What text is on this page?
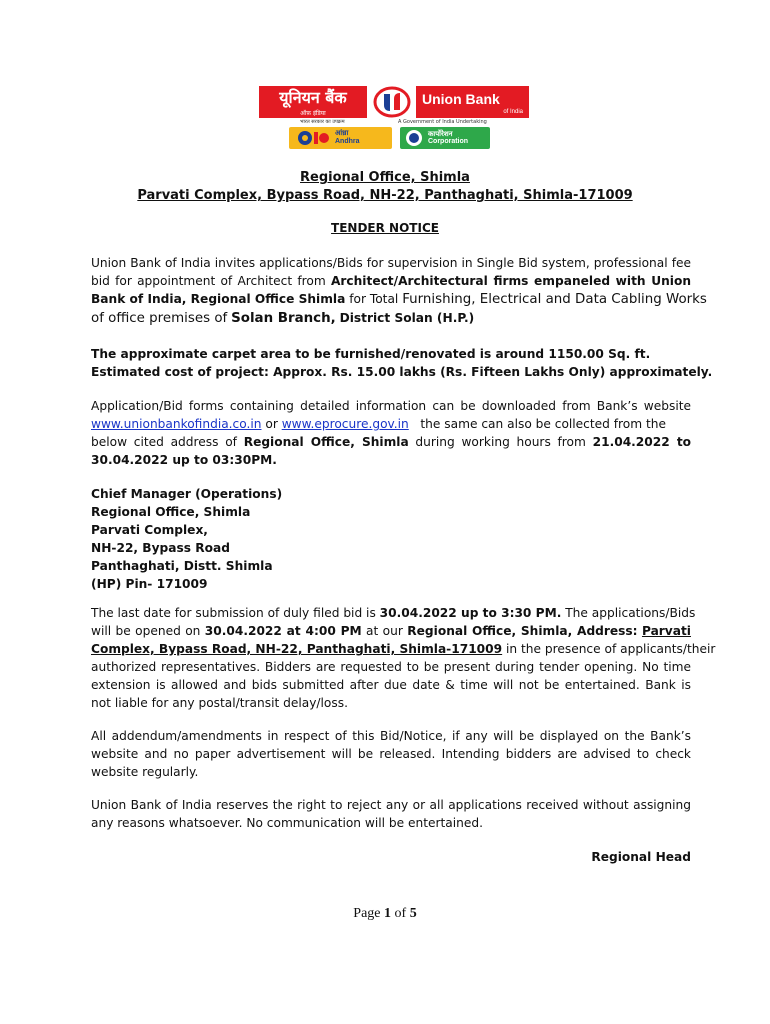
यूनियन बैंक
ऑफ़ इंडिया
Union Bank
of India
भारत सरकार का उपक्रम	A Government of India Undertaking
आंध्रा
Andhra
कार्पोरेशन
Corporation
Regional Office, Shimla
Parvati Complex, Bypass Road, NH-22, Panthaghati, Shimla-171009
TENDER NOTICE
Union Bank of India invites applications/Bids for supervision in Single Bid system, professional fee
bid for appointment of Architect from Architect/Architectural firms empaneled with Union
Bank of India, Regional Office Shimla for Total Furnishing, Electrical and Data Cabling Works
of office premises of Solan Branch, District Solan (H.P.)
The approximate carpet area to be furnished/renovated is around 1150.00 Sq. ft.
Estimated cost of project: Approx. Rs. 15.00 lakhs (Rs. Fifteen Lakhs Only) approximately.
Application/Bid forms containing detailed information can be downloaded from Bank’s website
www.unionbankofindia.co.in or www.eprocure.gov.in the same can also be collected from the
below cited address of Regional Office, Shimla during working hours from 21.04.2022 to
30.04.2022 up to 03:30PM.
Chief Manager (Operations)
Regional Office, Shimla
Parvati Complex,
NH-22, Bypass Road
Panthaghati, Distt. Shimla
(HP) Pin- 171009
The last date for submission of duly filed bid is 30.04.2022 up to 3:30 PM. The applications/Bids
will be opened on 30.04.2022 at 4:00 PM at our Regional Office, Shimla, Address: Parvati
Complex, Bypass Road, NH-22, Panthaghati, Shimla-171009 in the presence of applicants/their
authorized representatives. Bidders are requested to be present during tender opening. No time
extension is allowed and bids submitted after due date & time will not be entertained. Bank is
not liable for any postal/transit delay/loss.
All addendum/amendments in respect of this Bid/Notice, if any will be displayed on the Bank’s
website and no paper advertisement will be released. Intending bidders are advised to check
website regularly.
Union Bank of India reserves the right to reject any or all applications received without assigning
any reasons whatsoever. No communication will be entertained.
Regional Head
Page 1 of 5
